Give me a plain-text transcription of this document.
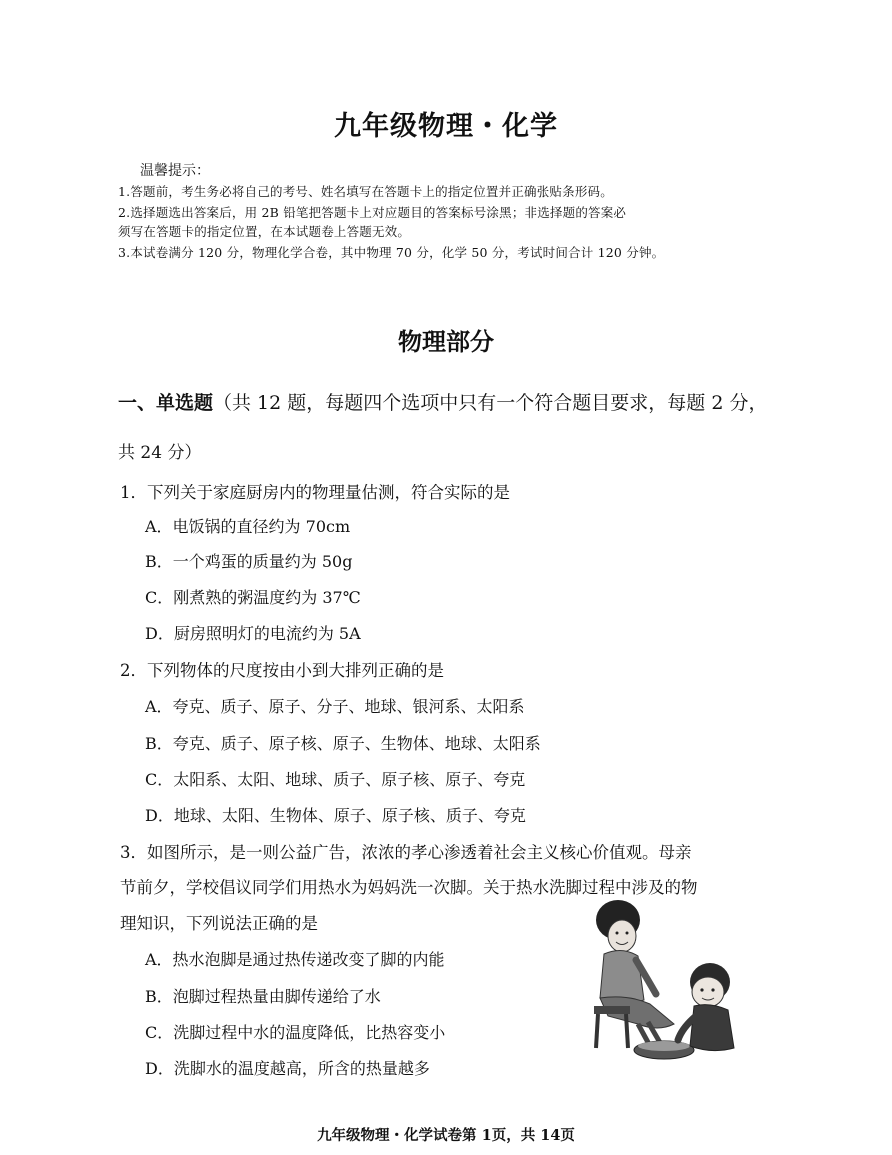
九年级物理・化学
温馨提示：
1.答题前，考生务必将自己的考号、姓名填写在答题卡上的指定位置并正确张贴条形码。
2.选择题选出答案后，用 2B 铅笔把答题卡上对应题目的答案标号涂黑；非选择题的答案必
须写在答题卡的指定位置，在本试题卷上答题无效。
3.本试卷满分 120 分，物理化学合卷，其中物理 70 分，化学 50 分，考试时间合计 120 分钟。
物理部分
一、单选题（共 12 题，每题四个选项中只有一个符合题目要求，每题 2 分，
共 24 分）
1．下列关于家庭厨房内的物理量估测，符合实际的是
A．电饭锅的直径约为 70cm
B．一个鸡蛋的质量约为 50g
C．刚煮熟的粥温度约为 37℃
D．厨房照明灯的电流约为 5A
2．下列物体的尺度按由小到大排列正确的是
A．夸克、质子、原子、分子、地球、银河系、太阳系
B．夸克、质子、原子核、原子、生物体、地球、太阳系
C．太阳系、太阳、地球、质子、原子核、原子、夸克
D．地球、太阳、生物体、原子、原子核、质子、夸克
3．如图所示，是一则公益广告，浓浓的孝心渗透着社会主义核心价值观。母亲
节前夕，学校倡议同学们用热水为妈妈洗一次脚。关于热水洗脚过程中涉及的物
理知识，下列说法正确的是
A．热水泡脚是通过热传递改变了脚的内能
B．泡脚过程热量由脚传递给了水
C．洗脚过程中水的温度降低，比热容变小
D．洗脚水的温度越高，所含的热量越多
九年级物理・化学试卷第 1页，共 14页
